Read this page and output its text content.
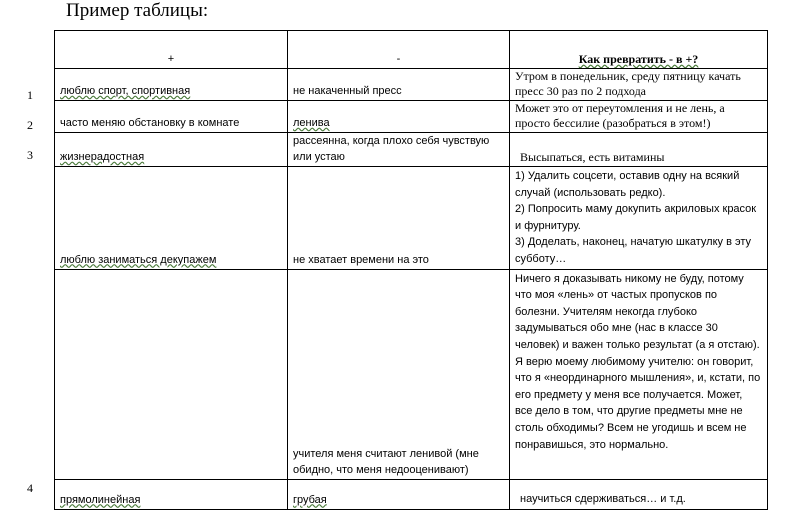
Пример таблицы:
1
2
3
4
+	-	Как превратить - в +?
люблю спорт, спортивная	не накаченный пресс	Утром в понедельник, среду пятницу качать пресс 30 раз по 2 подхода
часто меняю обстановку в комнате	ленива	Может это от переутомления и не лень, а просто бессилие (разобраться в этом!)
жизнерадостная	рассеянна, когда плохо себя чувствую или устаю	Высыпаться, есть витамины
люблю заниматься декупажем	не хватает времени на это	1) Удалить соцсети, оставив одну на всякий случай (использовать редко).
2) Попросить маму докупить акриловых красок и фурнитуру.
3) Доделать, наконец, начатую шкатулку в эту субботу…
	учителя меня считают ленивой (мне обидно, что меня недооценивают)	Ничего я доказывать никому не буду, потому что моя «лень» от частых пропусков по болезни. Учителям некогда глубоко задумываться обо мне (нас в классе 30 человек) и важен только результат (а я отстаю). Я верю моему любимому учителю: он говорит, что я «неординарного мышления», и, кстати, по его предмету у меня все получается. Может, все дело в том, что другие предметы мне не столь обходимы? Всем не угодишь и всем не понравишься, это нормально.
прямолинейная	грубая	научиться сдерживаться… и т.д.
